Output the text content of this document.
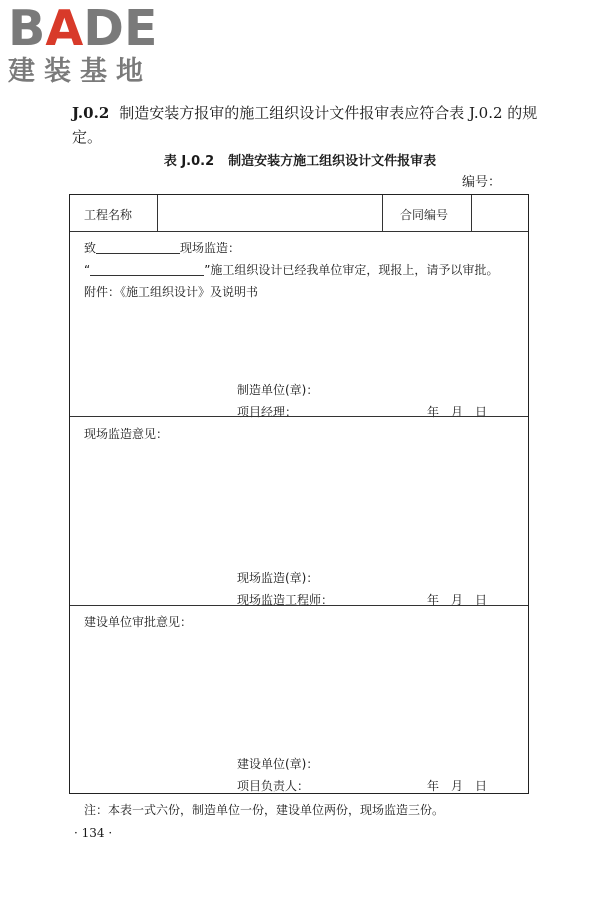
BADE
建装基地
J.0.2 制造安装方报审的施工组织设计文件报审表应符合表 J.0.2 的规定。
表 J.0.2 制造安装方施工组织设计文件报审表
编号：
工程名称	合同编号
致	现场监造：
“	”施工组织设计已经我单位审定，现报上，请予以审批。
附件：《施工组织设计》及说明书
制造单位(章)：
项目经理：	年 月 日
现场监造意见：
现场监造(章)：
现场监造工程师：	年 月 日
建设单位审批意见：
建设单位(章)：
项目负责人：	年 月 日
注：本表一式六份，制造单位一份，建设单位两份，现场监造三份。
· 134 ·
